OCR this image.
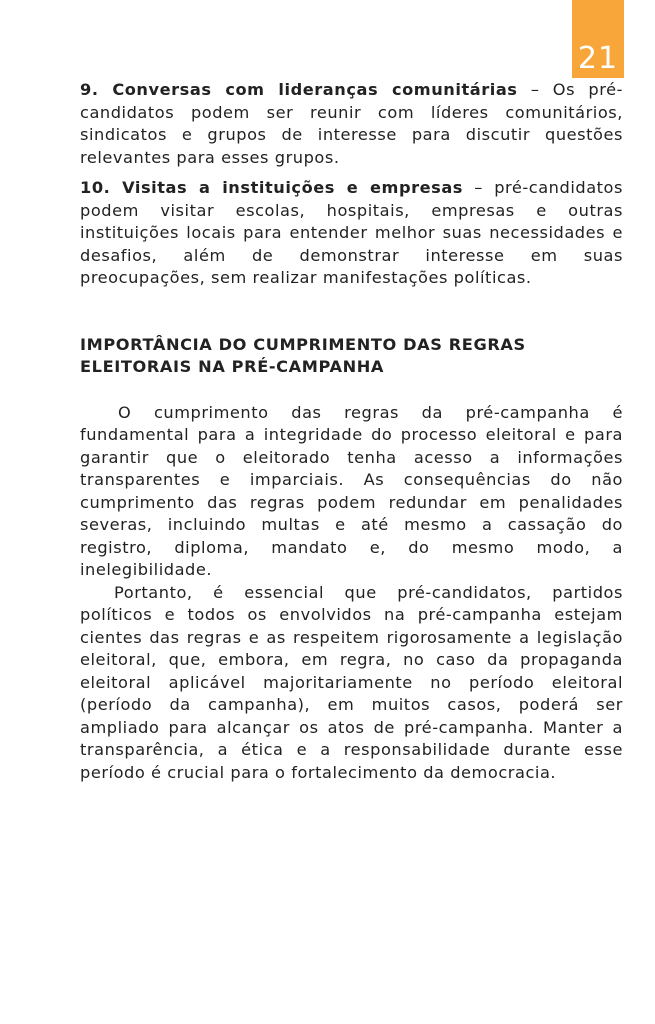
21

9. Conversas com lideranças comunitárias – Os pré-candidatos podem ser reunir com líderes comunitários, sindicatos e grupos de interesse para discutir questões relevantes para esses grupos.

10. Visitas a instituições e empresas – pré-candidatos podem visitar escolas, hospitais, empresas e outras instituições locais para entender melhor suas necessidades e desafios, além de demonstrar interesse em suas preocupações, sem realizar manifestações políticas.

IMPORTÂNCIA DO CUMPRIMENTO DAS REGRAS ELEITORAIS NA PRÉ-CAMPANHA

O cumprimento das regras da pré-campanha é fundamental para a integridade do processo eleitoral e para garantir que o eleitorado tenha acesso a informações transparentes e imparciais. As consequências do não cumprimento das regras podem redundar em penalidades severas, incluindo multas e até mesmo a cassação do registro, diploma, mandato e, do mesmo modo, a inelegibilidade.

Portanto, é essencial que pré-candidatos, partidos políticos e todos os envolvidos na pré-campanha estejam cientes das regras e as respeitem rigorosamente a legislação eleitoral, que, embora, em regra, no caso da propaganda eleitoral aplicável majoritariamente no período eleitoral (período da campanha), em muitos casos, poderá ser ampliado para alcançar os atos de pré-campanha. Manter a transparência, a ética e a responsabilidade durante esse período é crucial para o fortalecimento da democracia.
